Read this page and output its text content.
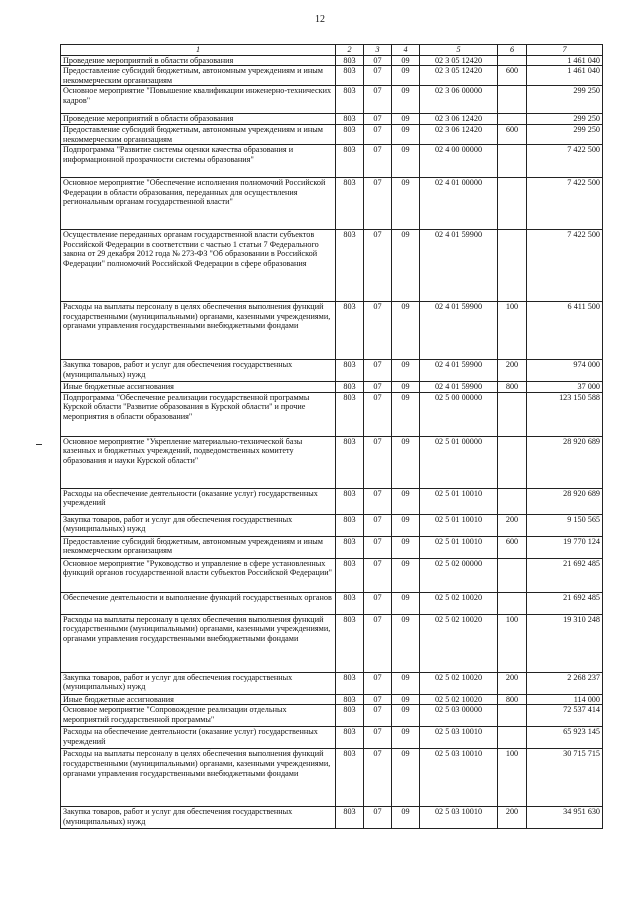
12
1	2	3	4	5	6	7
Проведение мероприятий в области образования	803	07	09	02 3 05 12420		1 461 040
Предоставление субсидий бюджетным, автономным учреждениям и иным некоммерческим организациям	803	07	09	02 3 05 12420	600	1 461 040
Основное мероприятие "Повышение квалификации инженерно-технических кадров"	803	07	09	02 3 06 00000		299 250
Проведение мероприятий в области образования	803	07	09	02 3 06 12420		299 250
Предоставление субсидий бюджетным, автономным учреждениям и иным некоммерческим организациям	803	07	09	02 3 06 12420	600	299 250
Подпрограмма "Развитие системы оценки качества образования и информационной прозрачности системы образования"	803	07	09	02 4 00 00000		7 422 500
Основное мероприятие "Обеспечение исполнения полномочий Российской Федерации в области образования, переданных для осуществления региональным органам государственной власти"	803	07	09	02 4 01 00000		7 422 500
Осуществление переданных органам государственной власти субъектов Российской Федерации в соответствии с частью 1 статьи 7 Федерального закона от 29 декабря 2012 года № 273-ФЗ "Об образовании в Российской Федерации" полномочий Российской Федерации в сфере образования	803	07	09	02 4 01 59900		7 422 500
Расходы на выплаты персоналу в целях обеспечения выполнения функций государственными (муниципальными) органами, казенными учреждениями, органами управления государственными внебюджетными фондами	803	07	09	02 4 01 59900	100	6 411 500
Закупка товаров, работ и услуг для обеспечения государственных (муниципальных) нужд	803	07	09	02 4 01 59900	200	974 000
Иные бюджетные ассигнования	803	07	09	02 4 01 59900	800	37 000
Подпрограмма "Обеспечение реализации государственной программы Курской области "Развитие образования в Курской области" и прочие мероприятия в области образования"	803	07	09	02 5 00 00000		123 150 588
Основное мероприятие "Укрепление материально-технической базы казенных и бюджетных учреждений, подведомственных комитету образования и науки Курской области"	803	07	09	02 5 01 00000		28 920 689
Расходы на обеспечение деятельности (оказание услуг) государственных учреждений	803	07	09	02 5 01 10010		28 920 689
Закупка товаров, работ и услуг для обеспечения государственных (муниципальных) нужд	803	07	09	02 5 01 10010	200	9 150 565
Предоставление субсидий бюджетным, автономным учреждениям и иным некоммерческим организациям	803	07	09	02 5 01 10010	600	19 770 124
Основное мероприятие "Руководство и управление в сфере установленных функций органов государственной власти субъектов Российской Федерации"	803	07	09	02 5 02 00000		21 692 485
Обеспечение деятельности и выполнение функций государственных органов	803	07	09	02 5 02 10020		21 692 485
Расходы на выплаты персоналу в целях обеспечения выполнения функций государственными (муниципальными) органами, казенными учреждениями, органами управления государственными внебюджетными фондами	803	07	09	02 5 02 10020	100	19 310 248
Закупка товаров, работ и услуг для обеспечения государственных (муниципальных) нужд	803	07	09	02 5 02 10020	200	2 268 237
Иные бюджетные ассигнования	803	07	09	02 5 02 10020	800	114 000
Основное мероприятие "Сопровождение реализации отдельных мероприятий государственной программы"	803	07	09	02 5 03 00000		72 537 414
Расходы на обеспечение деятельности (оказание услуг) государственных учреждений	803	07	09	02 5 03 10010		65 923 145
Расходы на выплаты персоналу в целях обеспечения выполнения функций государственными (муниципальными) органами, казенными учреждениями, органами управления государственными внебюджетными фондами	803	07	09	02 5 03 10010	100	30 715 715
Закупка товаров, работ и услуг для обеспечения государственных (муниципальных) нужд	803	07	09	02 5 03 10010	200	34 951 630
